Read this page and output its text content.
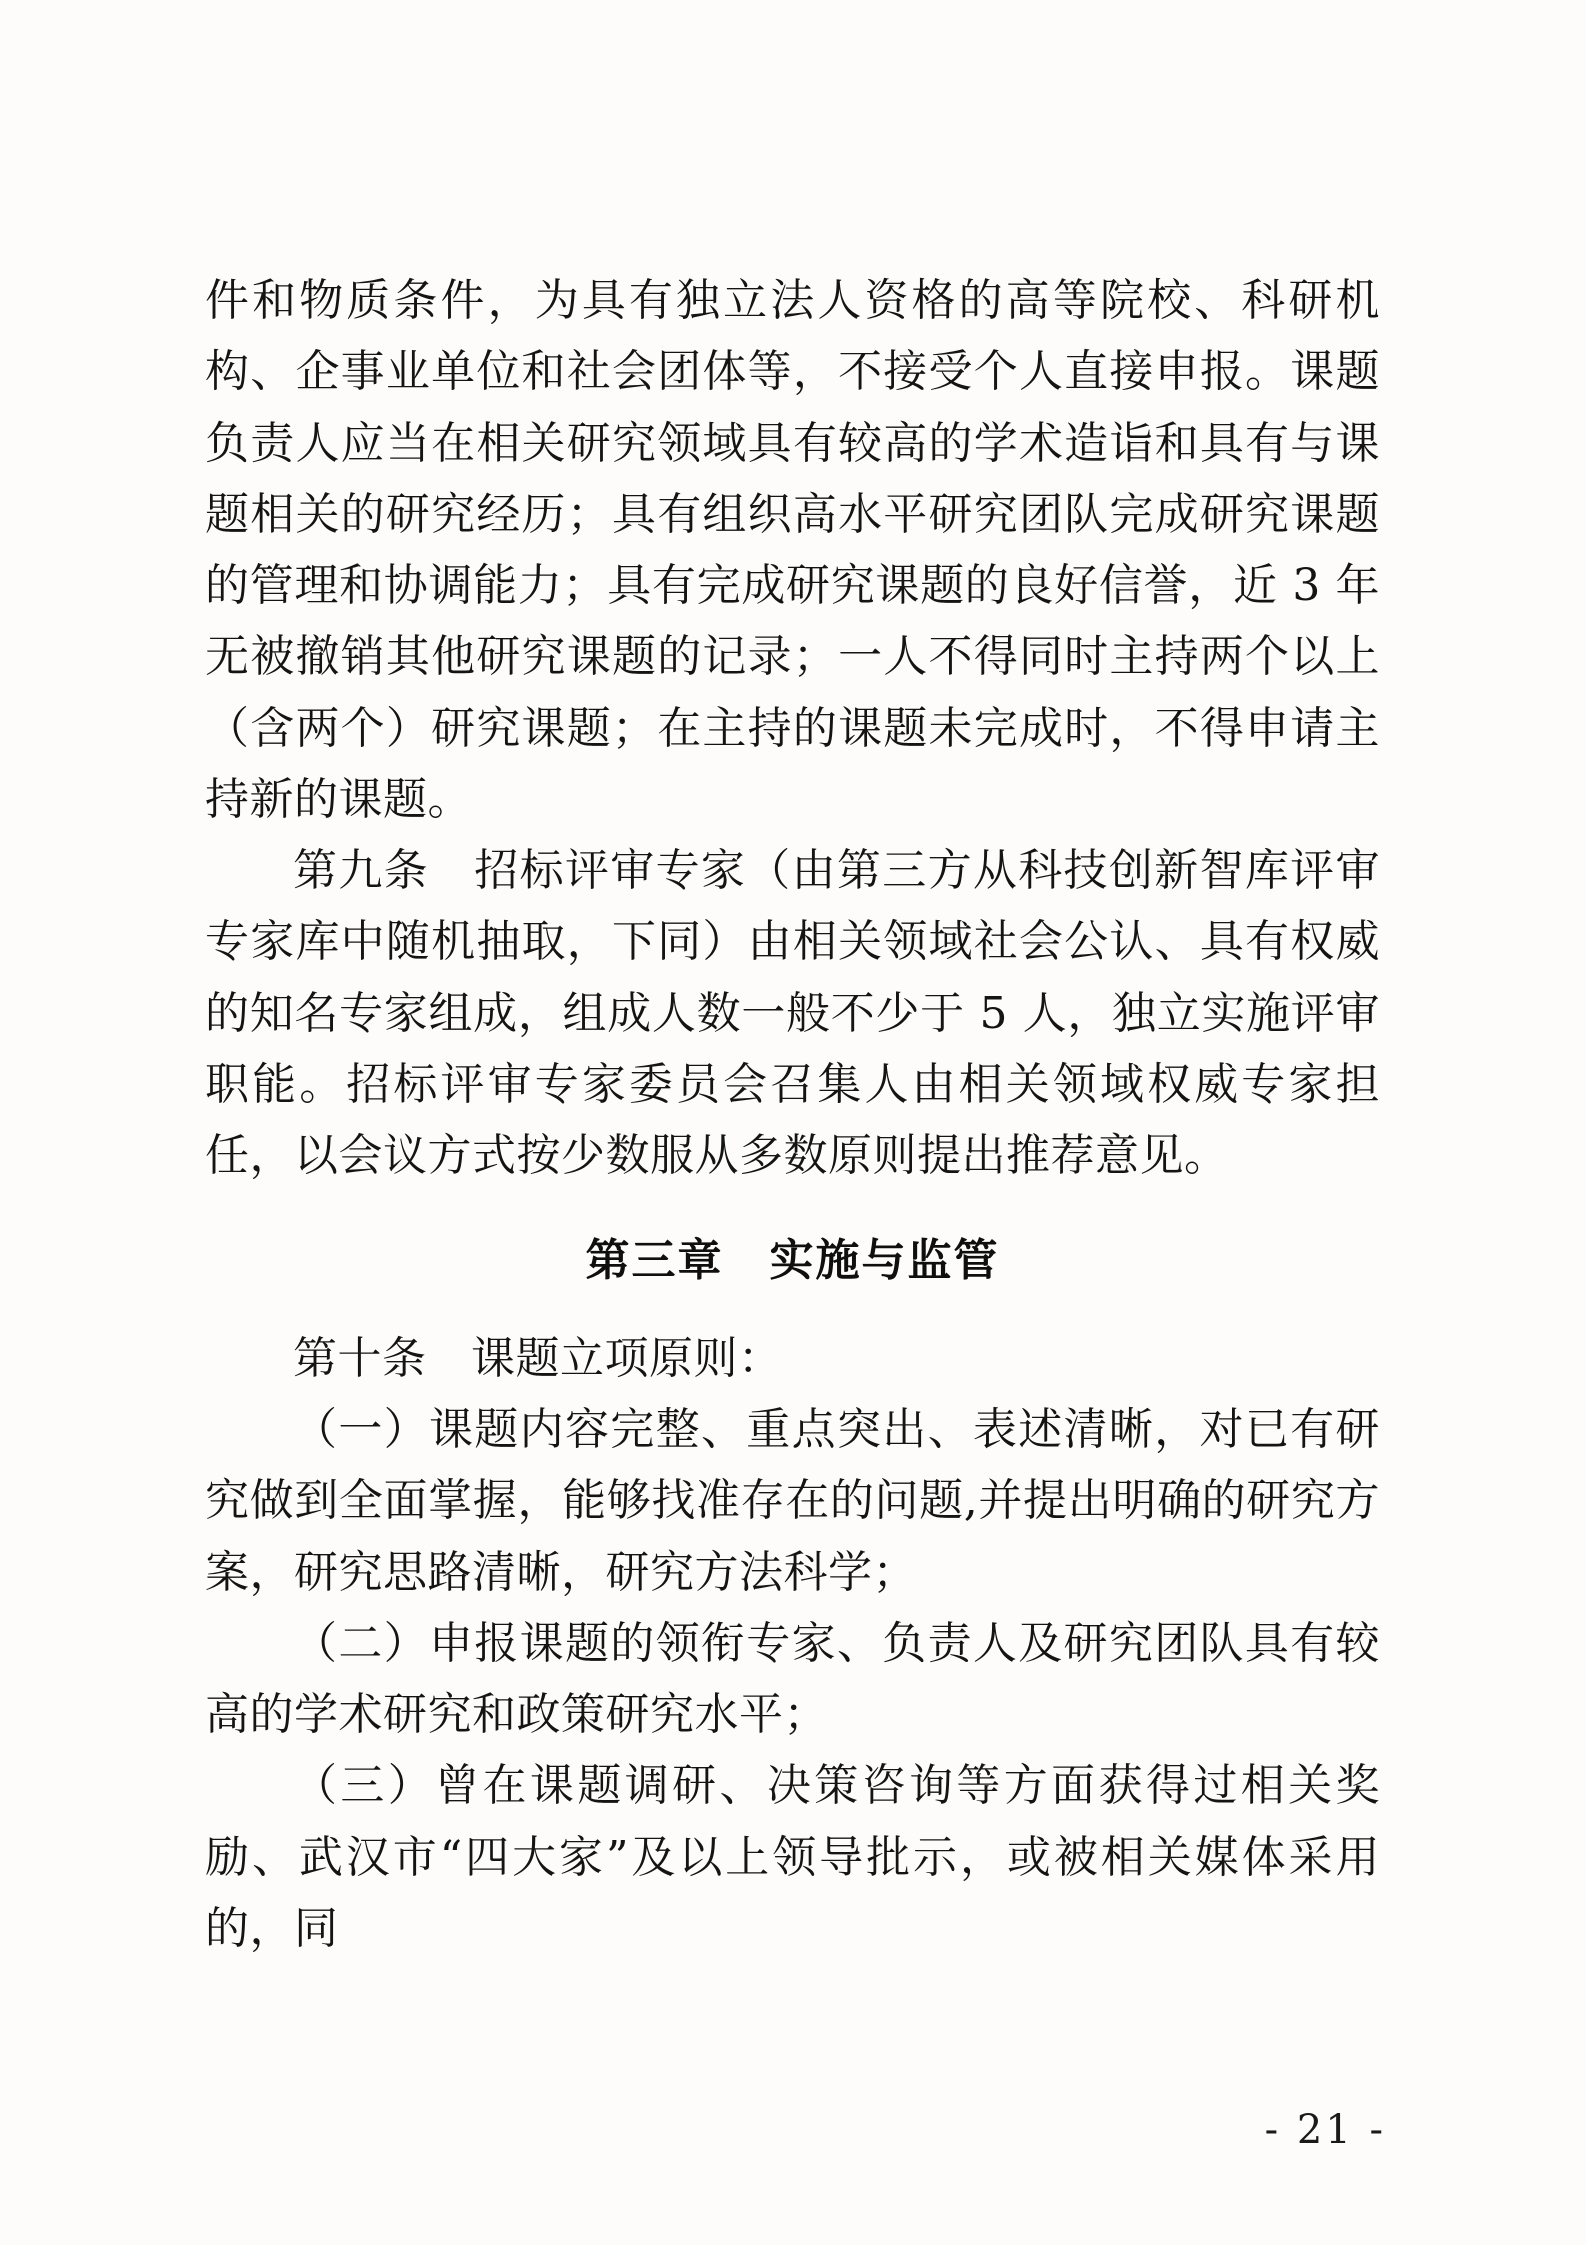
件和物质条件，为具有独立法人资格的高等院校、科研机构、企事业单位和社会团体等，不接受个人直接申报。课题负责人应当在相关研究领域具有较高的学术造诣和具有与课题相关的研究经历；具有组织高水平研究团队完成研究课题的管理和协调能力；具有完成研究课题的良好信誉，近 3 年无被撤销其他研究课题的记录；一人不得同时主持两个以上（含两个）研究课题；在主持的课题未完成时，不得申请主持新的课题。

第九条　招标评审专家（由第三方从科技创新智库评审专家库中随机抽取，下同）由相关领域社会公认、具有权威的知名专家组成，组成人数一般不少于 5 人，独立实施评审职能。招标评审专家委员会召集人由相关领域权威专家担任，以会议方式按少数服从多数原则提出推荐意见。

第三章　实施与监管

第十条　课题立项原则：

（一）课题内容完整、重点突出、表述清晰，对已有研究做到全面掌握，能够找准存在的问题,并提出明确的研究方案，研究思路清晰，研究方法科学；

（二）申报课题的领衔专家、负责人及研究团队具有较高的学术研究和政策研究水平；

（三）曾在课题调研、决策咨询等方面获得过相关奖励、武汉市“四大家”及以上领导批示，或被相关媒体采用的，同

- 21 -
